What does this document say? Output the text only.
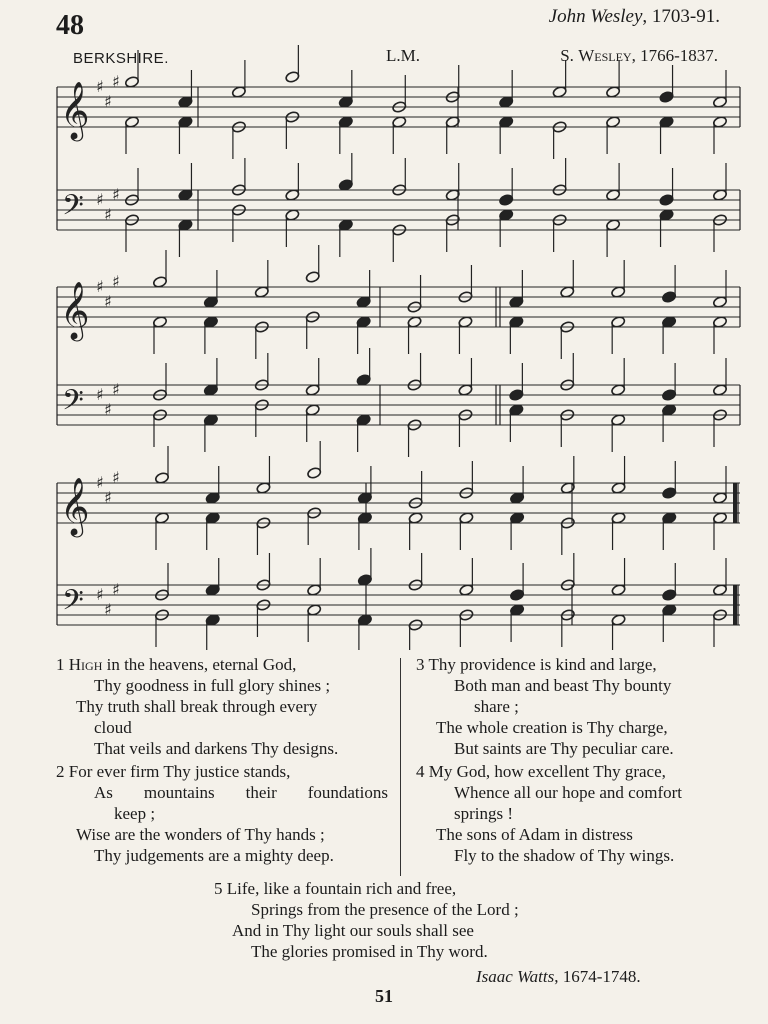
48	John Wesley, 1703-91.
BERKSHIRE.	L.M.	S. Wesley, 1766-1837.
𝄞
𝄢
♯
♯
♯
♯
♯
♯
𝄞
𝄢
♯
♯
♯
♯
♯
♯
𝄞
𝄢
♯
♯
♯
♯
♯
♯
1 High in the heavens, eternal God,
Thy goodness in full glory shines ;
Thy truth shall break through every
cloud
That veils and darkens Thy designs.
2 For ever firm Thy justice stands,
As mountains their foundations
keep ;
Wise are the wonders of Thy hands ;
Thy judgements are a mighty deep.
3 Thy providence is kind and large,
Both man and beast Thy bounty
share ;
The whole creation is Thy charge,
But saints are Thy peculiar care.
4 My God, how excellent Thy grace,
Whence all our hope and comfort
springs !
The sons of Adam in distress
Fly to the shadow of Thy wings.
5 Life, like a fountain rich and free,
Springs from the presence of the Lord ;
And in Thy light our souls shall see
The glories promised in Thy word.
Isaac Watts, 1674-1748.
51
